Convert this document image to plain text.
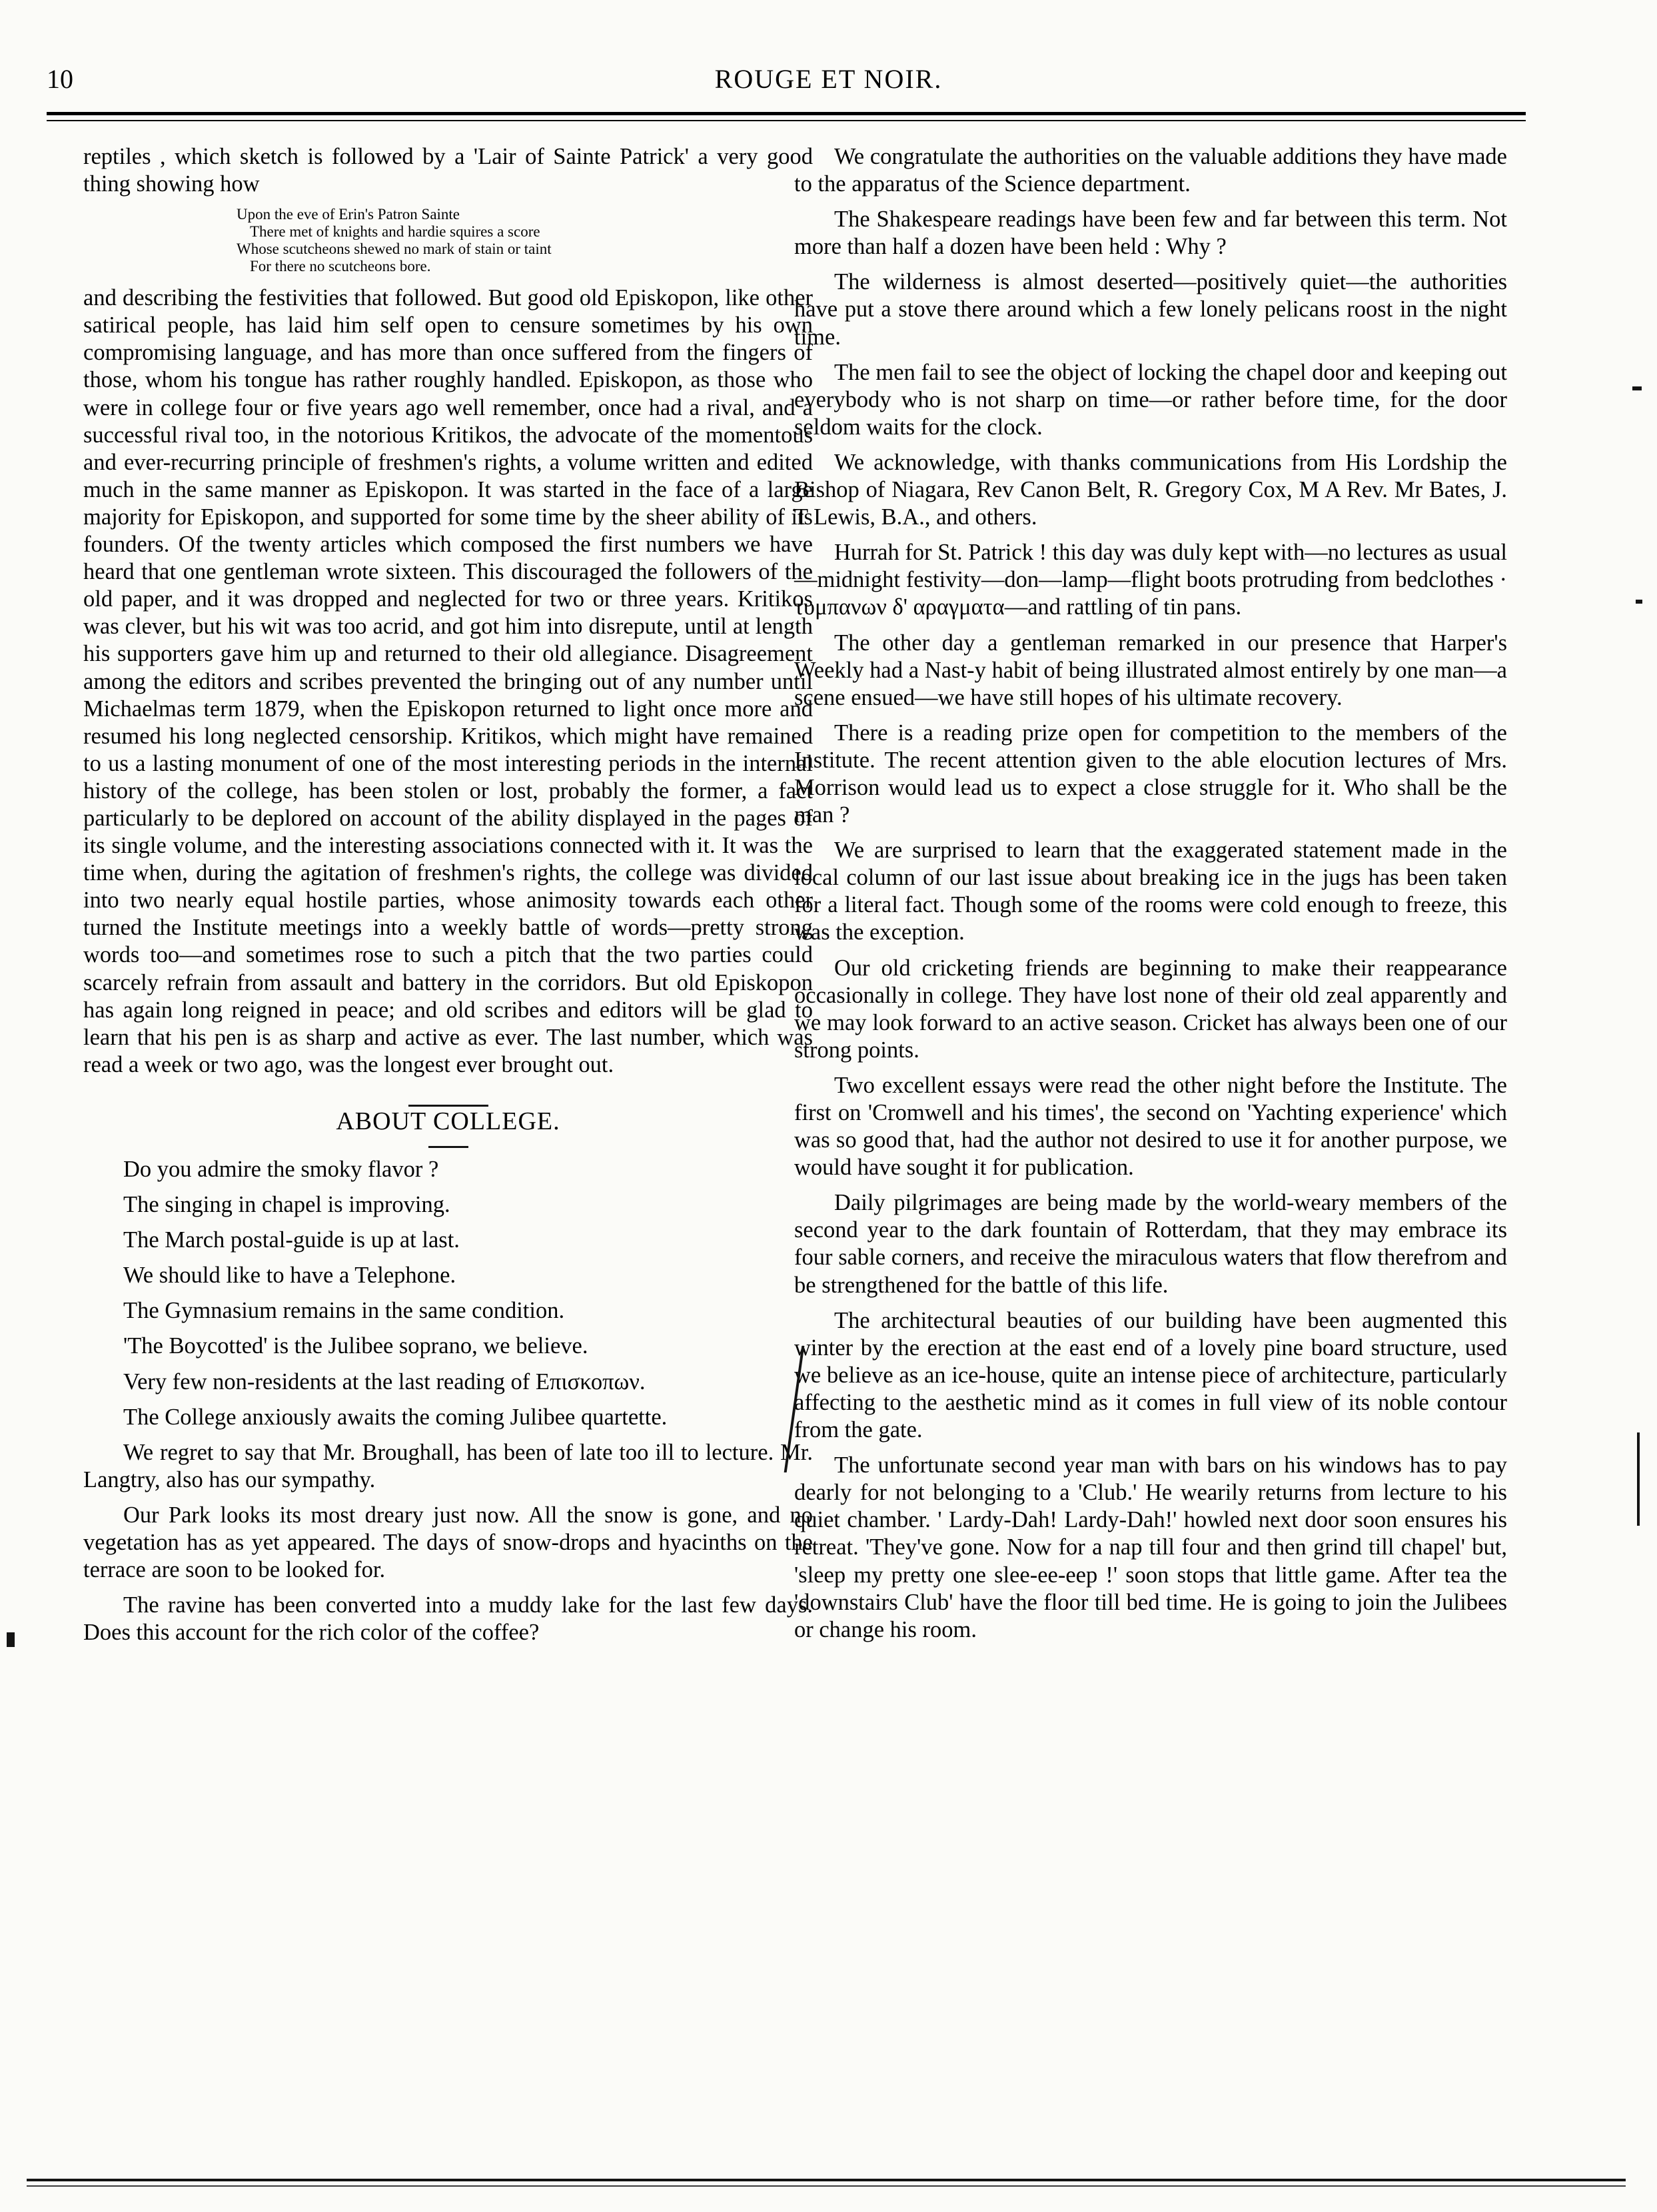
10	ROUGE ET NOIR.

reptiles , which sketch is followed by a 'Lair of Sainte Patrick' a very good thing showing how

Upon the eve of Erin's Patron Sainte
There met of knights and hardie squires a score
Whose scutcheons shewed no mark of stain or taint
For there no scutcheons bore.

and describing the festivities that followed. But good old Episkopon, like other satirical people, has laid him self open to censure sometimes by his own compromising language, and has more than once suffered from the fingers of those, whom his tongue has rather roughly handled. Episkopon, as those who were in college four or five years ago well remember, once had a rival, and a successful rival too, in the notorious Kritikos, the advocate of the momentous and ever-recurring principle of freshmen's rights, a volume written and edited much in the same manner as Episkopon. It was started in the face of a large majority for Episkopon, and supported for some time by the sheer ability of its founders. Of the twenty articles which composed the first numbers we have heard that one gentleman wrote sixteen. This discouraged the followers of the old paper, and it was dropped and neglected for two or three years. Kritikos was clever, but his wit was too acrid, and got him into disrepute, until at length his supporters gave him up and returned to their old allegiance. Disagreement among the editors and scribes prevented the bringing out of any number until Michaelmas term 1879, when the Episkopon returned to light once more and resumed his long neglected censorship. Kritikos, which might have remained to us a lasting monument of one of the most interesting periods in the internal history of the college, has been stolen or lost, probably the former, a fact particularly to be deplored on account of the ability displayed in the pages of its single volume, and the interesting associations connected with it. It was the time when, during the agitation of freshmen's rights, the college was divided into two nearly equal hostile parties, whose animosity towards each other turned the Institute meetings into a weekly battle of words—pretty strong words too—and sometimes rose to such a pitch that the two parties could scarcely refrain from assault and battery in the corridors. But old Episkopon has again long reigned in peace; and old scribes and editors will be glad to learn that his pen is as sharp and active as ever. The last number, which was read a week or two ago, was the longest ever brought out.

ABOUT COLLEGE.

Do you admire the smoky flavor ?

The singing in chapel is improving.

The March postal-guide is up at last.

We should like to have a Telephone.

The Gymnasium remains in the same condition.

'The Boycotted' is the Julibee soprano, we believe.

Very few non-residents at the last reading of Επισκοπων.

The College anxiously awaits the coming Julibee quartette.

We regret to say that Mr. Broughall, has been of late too ill to lecture. Mr. Langtry, also has our sympathy.

Our Park looks its most dreary just now. All the snow is gone, and no vegetation has as yet appeared. The days of snow-drops and hyacinths on the terrace are soon to be looked for.

The ravine has been converted into a muddy lake for the last few days. Does this account for the rich color of the coffee?

We congratulate the authorities on the valuable additions they have made to the apparatus of the Science department.

The Shakespeare readings have been few and far between this term. Not more than half a dozen have been held : Why ?

The wilderness is almost deserted—positively quiet—the authorities have put a stove there around which a few lonely pelicans roost in the night time.

The men fail to see the object of locking the chapel door and keeping out everybody who is not sharp on time—or rather before time, for the door seldom waits for the clock.

We acknowledge, with thanks communications from His Lordship the Bishop of Niagara, Rev Canon Belt, R. Gregory Cox, M A Rev. Mr Bates, J. T Lewis, B.A., and others.

Hurrah for St. Patrick ! this day was duly kept with—no lectures as usual —midnight festivity—don—lamp—flight boots protruding from bedclothes · τυμπανων δ' αραγματα—and rattling of tin pans.

The other day a gentleman remarked in our presence that Harper's Weekly had a Nast-y habit of being illustrated almost entirely by one man—a scene ensued—we have still hopes of his ultimate recovery.

There is a reading prize open for competition to the members of the Institute. The recent attention given to the able elocution lectures of Mrs. Morrison would lead us to expect a close struggle for it. Who shall be the man ?

We are surprised to learn that the exaggerated statement made in the local column of our last issue about breaking ice in the jugs has been taken for a literal fact. Though some of the rooms were cold enough to freeze, this was the exception.

Our old cricketing friends are beginning to make their reappearance occasionally in college. They have lost none of their old zeal apparently and we may look forward to an active season. Cricket has always been one of our strong points.

Two excellent essays were read the other night before the Institute. The first on 'Cromwell and his times', the second on 'Yachting experience' which was so good that, had the author not desired to use it for another purpose, we would have sought it for publication.

Daily pilgrimages are being made by the world-weary members of the second year to the dark fountain of Rotterdam, that they may embrace its four sable corners, and receive the miraculous waters that flow therefrom and be strengthened for the battle of this life.

The architectural beauties of our building have been augmented this winter by the erection at the east end of a lovely pine board structure, used we believe as an ice-house, quite an intense piece of architecture, particularly affecting to the aesthetic mind as it comes in full view of its noble contour from the gate.

The unfortunate second year man with bars on his windows has to pay dearly for not belonging to a 'Club.' He wearily returns from lecture to his quiet chamber. ' Lardy-Dah! Lardy-Dah!' howled next door soon ensures his retreat. 'They've gone. Now for a nap till four and then grind till chapel' but, 'sleep my pretty one slee-ee-eep !' soon stops that little game. After tea the 'downstairs Club' have the floor till bed time. He is going to join the Julibees or change his room.
